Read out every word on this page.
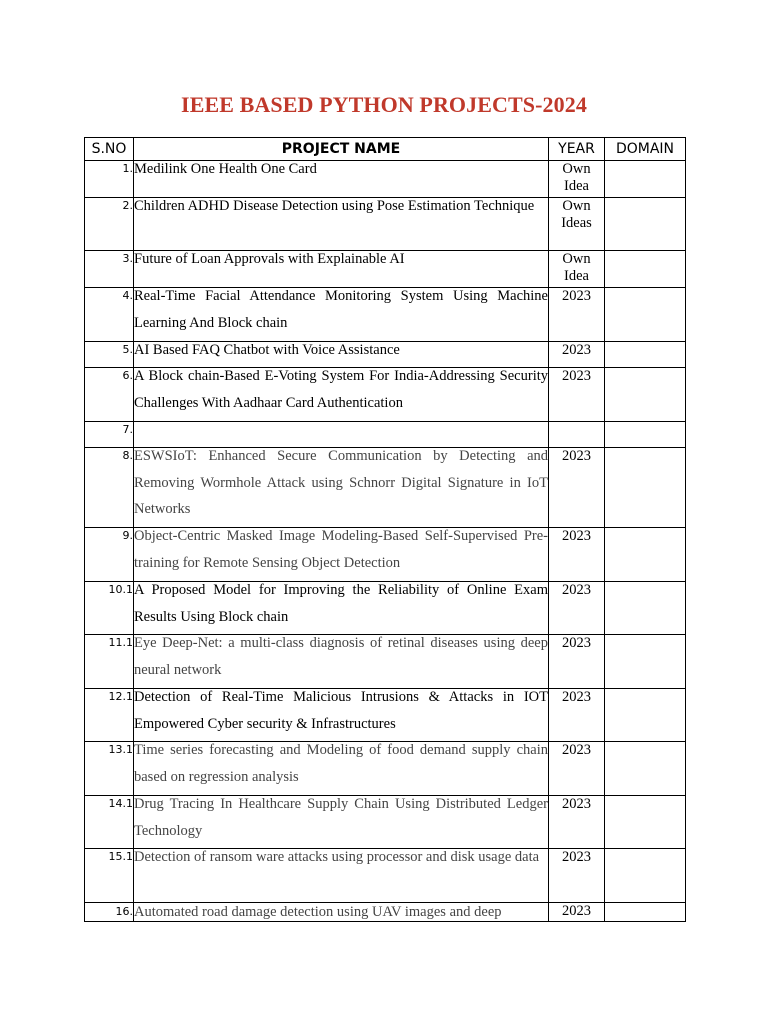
IEEE BASED PYTHON PROJECTS-2024
S.NO	PROJECT NAME	YEAR	DOMAIN
1.	Medilink One Health One Card	Own Idea	
2.	Children ADHD Disease Detection using Pose Estimation Technique	Own Ideas	
3.	Future of Loan Approvals with Explainable AI	Own Idea	
4.	Real-Time Facial Attendance Monitoring System Using Machine Learning And Block chain	2023	
5.	AI Based FAQ Chatbot with Voice Assistance	2023	
6.	A Block chain-Based E-Voting System For India-Addressing Security Challenges With Aadhaar Card Authentication	2023	
7.	

8.	ESWSIoT: Enhanced Secure Communication by Detecting and Removing Wormhole Attack using Schnorr Digital Signature in IoT Networks	2023	
9.	Object-Centric Masked Image Modeling-Based Self-Supervised Pre-training for Remote Sensing Object Detection	2023	
10.1	A Proposed Model for Improving the Reliability of Online Exam Results Using Block chain	2023	
11.1	Eye Deep-Net: a multi-class diagnosis of retinal diseases using deep neural network	2023	
12.1	Detection of Real-Time Malicious Intrusions & Attacks in IOT Empowered Cyber security & Infrastructures	2023	
13.1	Time series forecasting and Modeling of food demand supply chain based on regression analysis	2023	
14.1	Drug Tracing In Healthcare Supply Chain Using Distributed Ledger Technology	2023	
15.1	Detection of ransom ware attacks using processor and disk usage data	2023	
16.	Automated road damage detection using UAV images and deep	2023	
